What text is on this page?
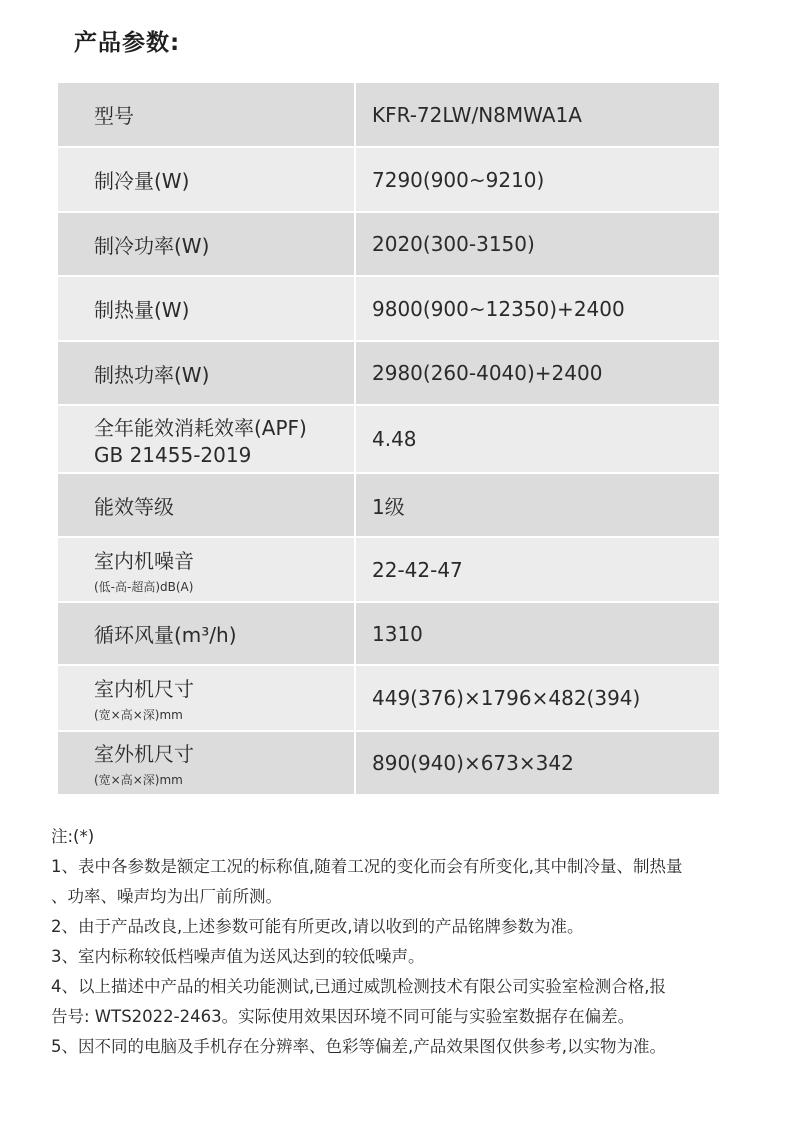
产品参数:
型号	KFR-72LW/N8MWA1A
制冷量(W)	7290(900~9210)
制冷功率(W)	2020(300-3150)
制热量(W)	9800(900~12350)+2400
制热功率(W)	2980(260-4040)+2400
全年能效消耗效率(APF)
GB 21455-2019	4.48
能效等级	1级
室内机噪音
(低-高-超高)dB(A)	22-42-47
循环风量(m³/h)	1310
室内机尺寸
(宽×高×深)mm	449(376)×1796×482(394)
室外机尺寸
(宽×高×深)mm	890(940)×673×342

注:(*)

1、表中各参数是额定工况的标称值,随着工况的变化而会有所变化,其中制冷量、制热量

、功率、噪声均为出厂前所测。

2、由于产品改良,上述参数可能有所更改,请以收到的产品铭牌参数为准。

3、室内标称较低档噪声值为送风达到的较低噪声。

4、以上描述中产品的相关功能测试,已通过威凯检测技术有限公司实验室检测合格,报

告号: WTS2022-2463。实际使用效果因环境不同可能与实验室数据存在偏差。

5、因不同的电脑及手机存在分辨率、色彩等偏差,产品效果图仅供参考,以实物为准。
